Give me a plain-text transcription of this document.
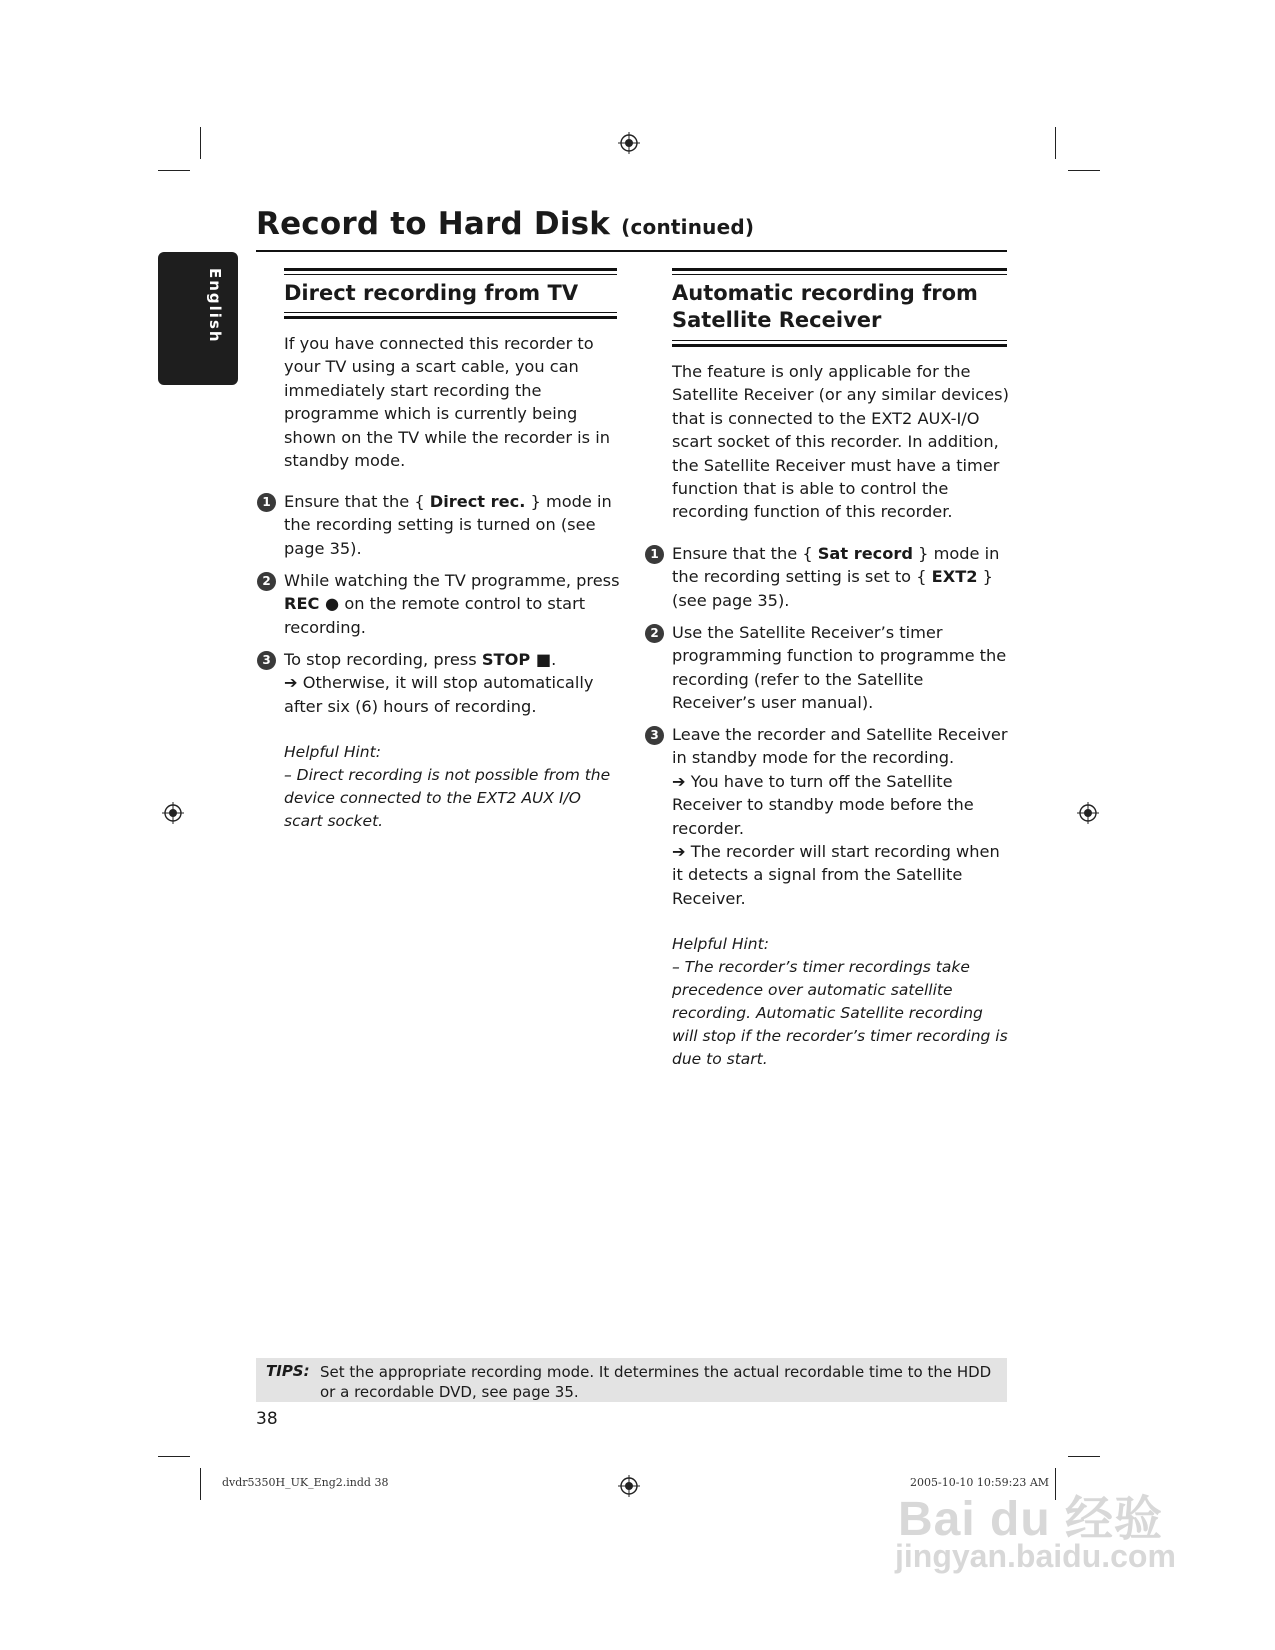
Record to Hard Disk (continued)
English	Direct recording from TV
If you have connected this recorder to your TV using a scart cable, you can immediately start recording the programme which is currently being shown on the TV while the recorder is in standby mode.
1 Ensure that the { Direct rec. } mode in the recording setting is turned on (see page 35).
2 While watching the TV programme, press REC ● on the remote control to start recording.
3 To stop recording, press STOP ■.
➔ Otherwise, it will stop automatically after six (6) hours of recording.
Helpful Hint:
– Direct recording is not possible from the device connected to the EXT2 AUX I/O scart socket.
Automatic recording from
Satellite Receiver
The feature is only applicable for the Satellite Receiver (or any similar devices) that is connected to the EXT2 AUX-I/O scart socket of this recorder. In addition, the Satellite Receiver must have a timer function that is able to control the recording function of this recorder.
1 Ensure that the { Sat record } mode in the recording setting is set to { EXT2 } (see page 35).
2 Use the Satellite Receiver’s timer programming function to programme the recording (refer to the Satellite Receiver’s user manual).
3 Leave the recorder and Satellite Receiver in standby mode for the recording.
➔ You have to turn off the Satellite Receiver to standby mode before the recorder.
➔ The recorder will start recording when it detects a signal from the Satellite Receiver.
Helpful Hint:
– The recorder’s timer recordings take precedence over automatic satellite recording. Automatic Satellite recording will stop if the recorder’s timer recording is due to start.
TIPS: Set the appropriate recording mode. It determines the actual recordable time to the HDD or a recordable DVD, see page 35.
38
dvdr5350H_UK_Eng2.indd 38	2005-10-10 10:59:23 AM
Bai du 经验
jingyan.baidu.com
